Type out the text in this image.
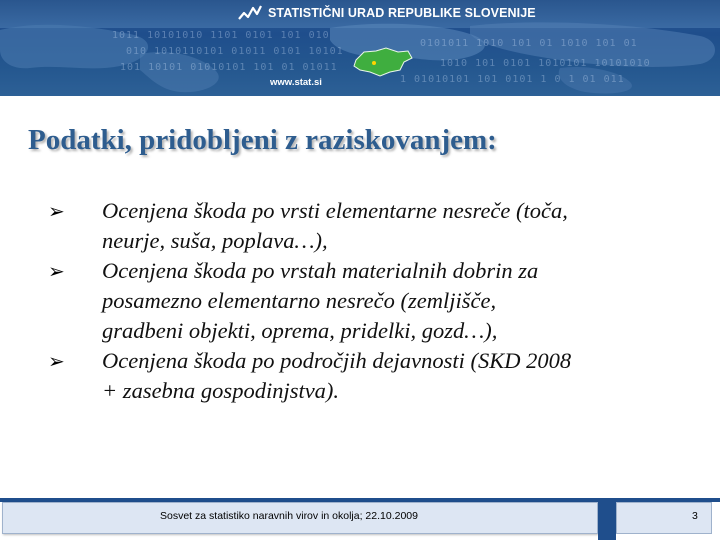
1011 10101010 1101 0101 101 010
010 1010110101 01011 0101 10101
101 10101 01010101 101 01 01011
0101011 1010 101 01 1010 101 01
1010 101 0101 1010101 10101010
1 01010101 101 0101 1 0 1 01 011
STATISTIČNI URAD REPUBLIKE SLOVENIJE
www.stat.si
Podatki, pridobljeni z raziskovanjem:
➢ Ocenjena škoda po vrsti elementarne nesreče (toča,
neurje, suša, poplava…),
➢ Ocenjena škoda po vrstah materialnih dobrin za
posamezno elementarno nesrečo (zemljišče,
gradbeni objekti, oprema, pridelki, gozd…),
➢ Ocenjena škoda po področjih dejavnosti (SKD 2008
+ zasebna gospodinjstva).
Sosvet za statistiko naravnih virov in okolja; 22.10.2009	3
